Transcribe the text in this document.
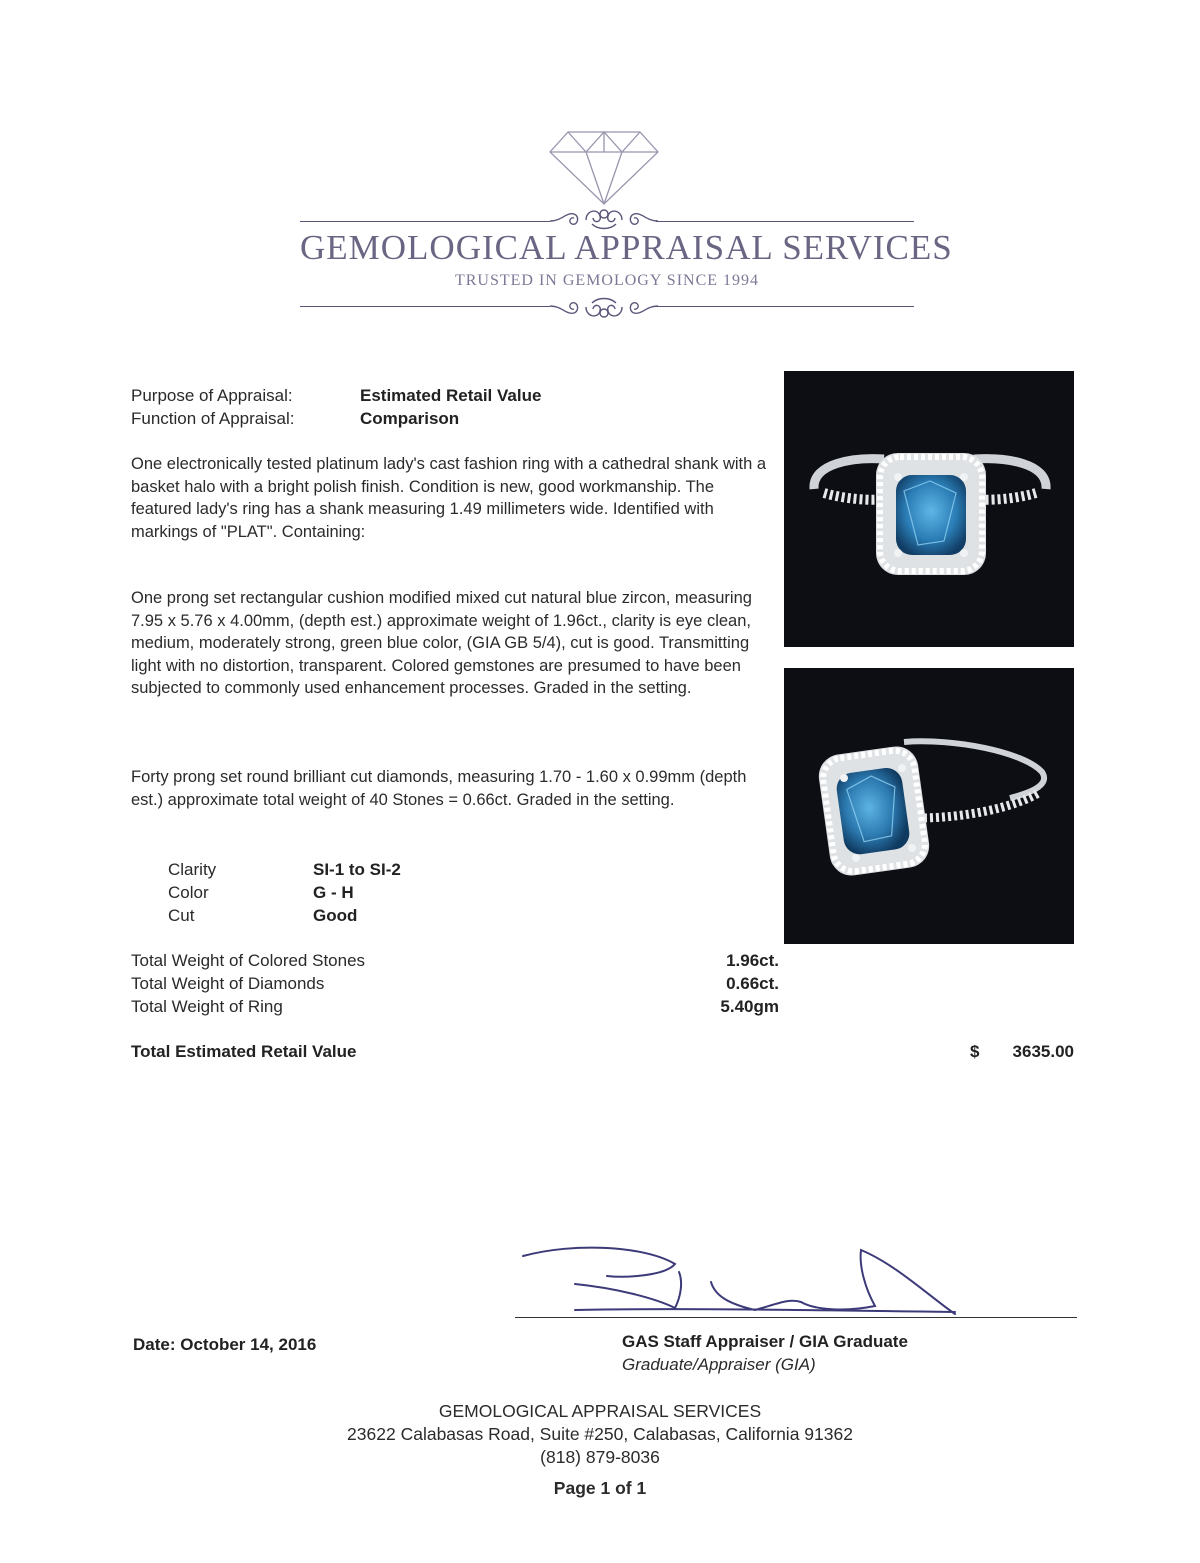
GEMOLOGICAL APPRAISAL SERVICES
TRUSTED IN GEMOLOGY SINCE 1994
Purpose of Appraisal:	Estimated Retail Value
Function of Appraisal:	Comparison
One electronically tested platinum lady's cast fashion ring with a cathedral shank with a basket halo with a bright polish finish. Condition is new, good workmanship. The featured lady's ring has a shank measuring 1.49 millimeters wide. Identified with markings of "PLAT". Containing:
One prong set rectangular cushion modified mixed cut natural blue zircon, measuring 7.95 x 5.76 x 4.00mm, (depth est.) approximate weight of 1.96ct., clarity is eye clean, medium, moderately strong, green blue color, (GIA GB 5/4), cut is good. Transmitting light with no distortion, transparent. Colored gemstones are presumed to have been subjected to commonly used enhancement processes. Graded in the setting.
Forty prong set round brilliant cut diamonds, measuring 1.70 - 1.60 x 0.99mm (depth est.) approximate total weight of 40 Stones = 0.66ct. Graded in the setting.
Clarity	SI-1 to SI-2
Color	G - H
Cut	Good
Total Weight of Colored Stones	1.96ct.
Total Weight of Diamonds	0.66ct.
Total Weight of Ring	5.40gm
Total Estimated Retail Value	$	3635.00
Date: October 14, 2016	GAS Staff Appraiser / GIA Graduate
Graduate/Appraiser (GIA)
GEMOLOGICAL APPRAISAL SERVICES
23622 Calabasas Road, Suite #250, Calabasas, California 91362
(818) 879-8036
Page 1 of 1
